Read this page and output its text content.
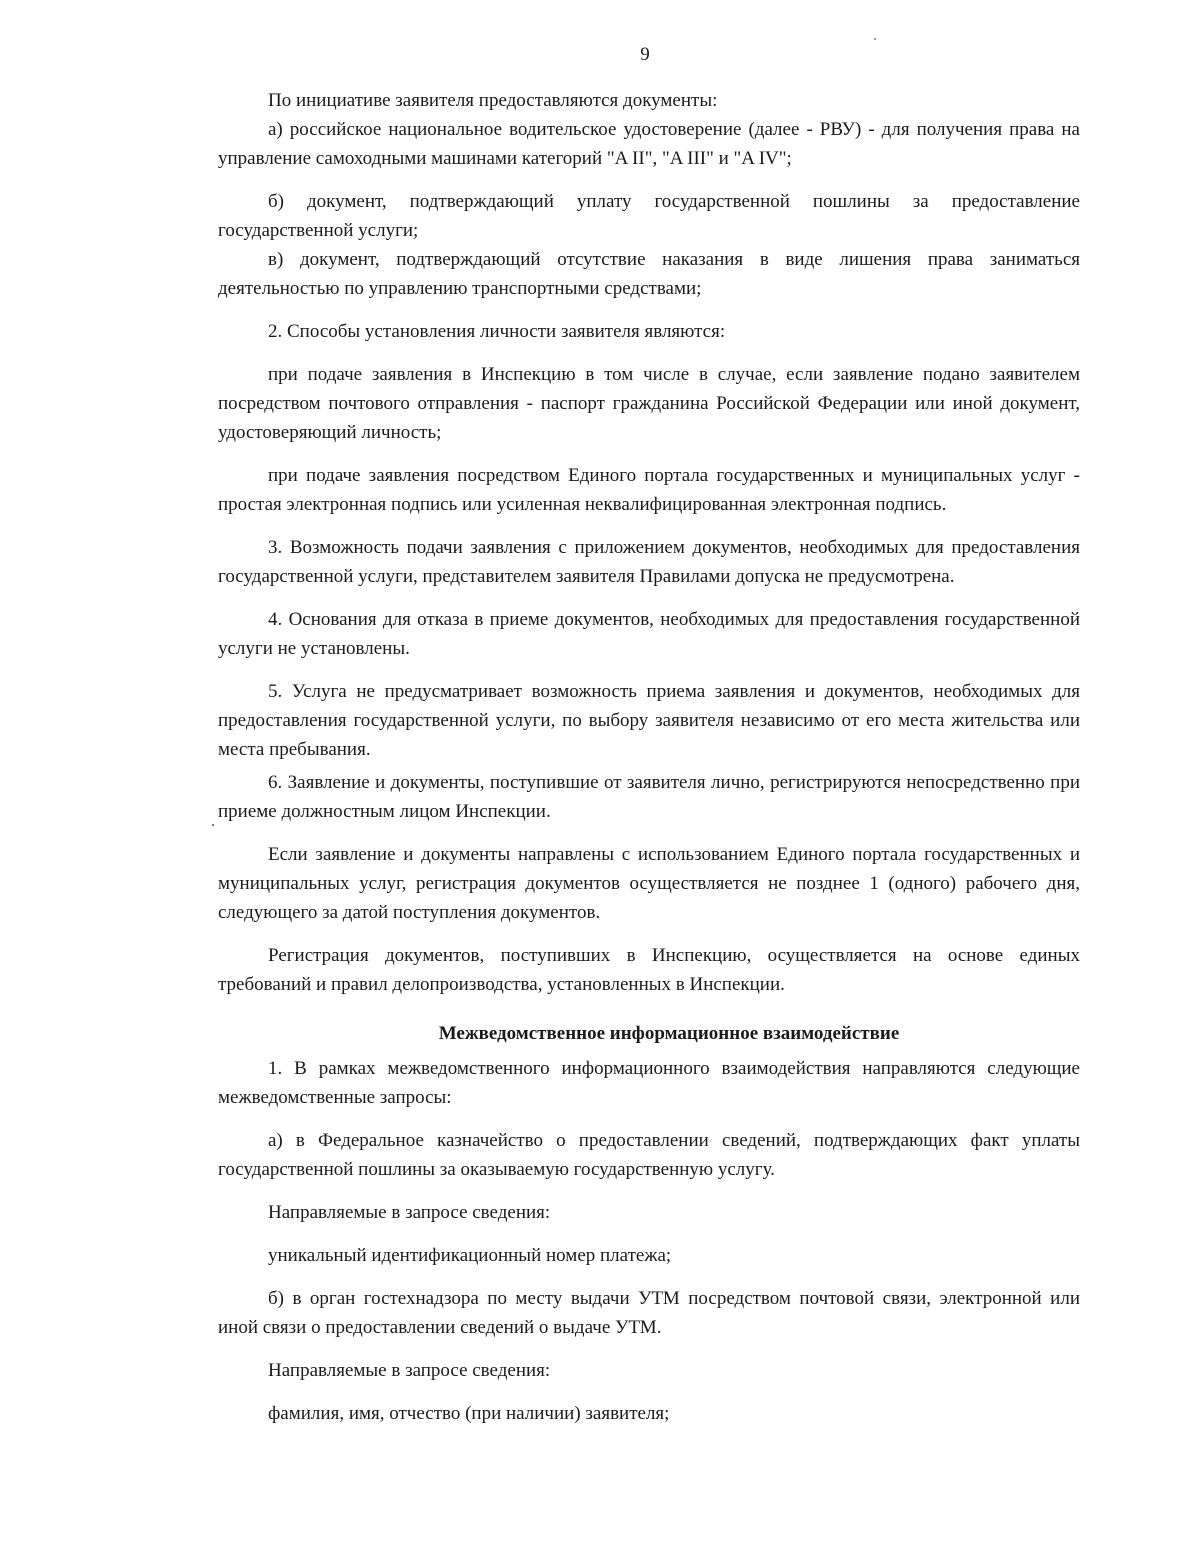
9

По инициативе заявителя предоставляются документы:

а) российское национальное водительское удостоверение (далее - РВУ) - для получения права на управление самоходными машинами категорий "A II", "A III" и "A IV";

б) документ, подтверждающий уплату государственной пошлины за предоставление государственной услуги;

в) документ, подтверждающий отсутствие наказания в виде лишения права заниматься деятельностью по управлению транспортными средствами;

2. Способы установления личности заявителя являются:

при подаче заявления в Инспекцию в том числе в случае, если заявление подано заявителем посредством почтового отправления - паспорт гражданина Российской Федерации или иной документ, удостоверяющий личность;

при подаче заявления посредством Единого портала государственных и муниципальных услуг - простая электронная подпись или усиленная неквалифицированная электронная подпись.

3. Возможность подачи заявления с приложением документов, необходимых для предоставления государственной услуги, представителем заявителя Правилами допуска не предусмотрена.

4. Основания для отказа в приеме документов, необходимых для предоставления государственной услуги не установлены.

5. Услуга не предусматривает возможность приема заявления и документов, необходимых для предоставления государственной услуги, по выбору заявителя независимо от его места жительства или места пребывания.

6. Заявление и документы, поступившие от заявителя лично, регистрируются непосредственно при приеме должностным лицом Инспекции.

Если заявление и документы направлены с использованием Единого портала государственных и муниципальных услуг, регистрация документов осуществляется не позднее 1 (одного) рабочего дня, следующего за датой поступления документов.

Регистрация документов, поступивших в Инспекцию, осуществляется на основе единых требований и правил делопроизводства, установленных в Инспекции.

Межведомственное информационное взаимодействие

1. В рамках межведомственного информационного взаимодействия направляются следующие межведомственные запросы:

а) в Федеральное казначейство о предоставлении сведений, подтверждающих факт уплаты государственной пошлины за оказываемую государственную услугу.

Направляемые в запросе сведения:

уникальный идентификационный номер платежа;

б) в орган гостехнадзора по месту выдачи УТМ посредством почтовой связи, электронной или иной связи о предоставлении сведений о выдаче УТМ.

Направляемые в запросе сведения:

фамилия, имя, отчество (при наличии) заявителя;
